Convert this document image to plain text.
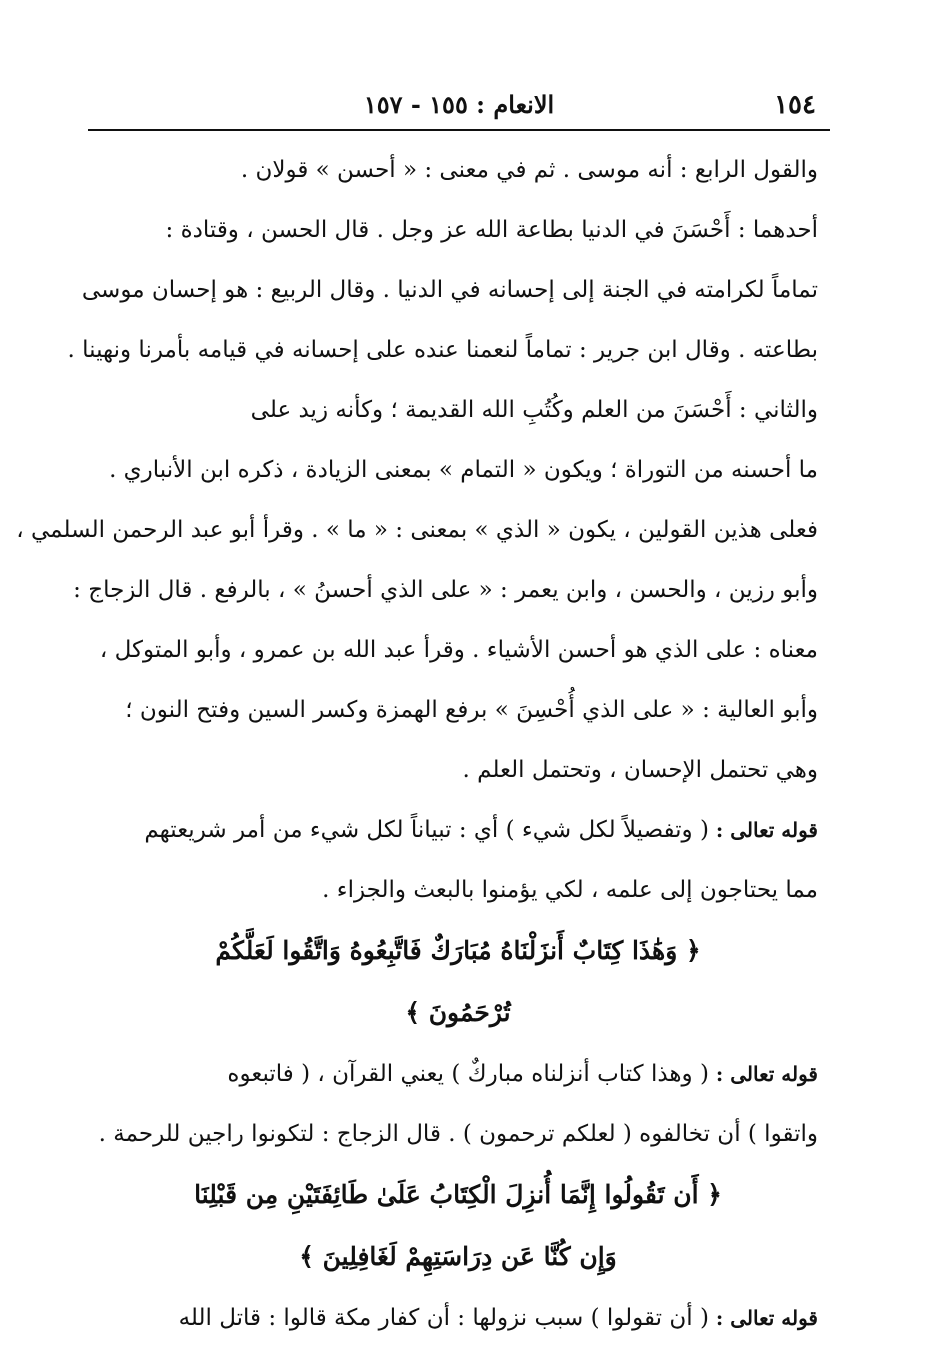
١٥٤
الانعام : ١٥٥ - ١٥٧
والقول الرابع : أنه موسى . ثم في معنى : « أحسن » قولان .
أحدهما : أَحْسَنَ في الدنيا بطاعة الله عز وجل . قال الحسن ، وقتادة :
تماماً لكرامته في الجنة إلى إحسانه في الدنيا . وقال الربيع : هو إحسان موسى
بطاعته . وقال ابن جرير : تماماً لنعمنا عنده على إحسانه في قيامه بأمرنا ونهينا .
والثاني : أَحْسَنَ من العلم وكُتُبِ الله القديمة ؛ وكأنه زيد على
ما أحسنه من التوراة ؛ ويكون « التمام » بمعنى الزيادة ، ذكره ابن الأنباري .
فعلى هذين القولين ، يكون « الذي » بمعنى : « ما » . وقرأ أبو عبد الرحمن السلمي ،
وأبو رزين ، والحسن ، وابن يعمر : « على الذي أحسنُ » ، بالرفع . قال الزجاج :
معناه : على الذي هو أحسن الأشياء . وقرأ عبد الله بن عمرو ، وأبو المتوكل ،
وأبو العالية : « على الذي أُحْسِنَ » برفع الهمزة وكسر السين وفتح النون ؛
وهي تحتمل الإحسان ، وتحتمل العلم .
قوله تعالى : ( وتفصيلاً لكل شيء ) أي : تبياناً لكل شيء من أمر شريعتهم
مما يحتاجون إلى علمه ، لكي يؤمنوا بالبعث والجزاء .
﴿ وَهَٰذَا كِتَابٌ أَنزَلْنَاهُ مُبَارَكٌ فَاتَّبِعُوهُ وَاتَّقُوا لَعَلَّكُمْ
تُرْحَمُونَ ﴾
قوله تعالى : ( وهذا كتاب أنزلناه مباركٌ ) يعني القرآن ، ( فاتبعوه
واتقوا ) أن تخالفوه ( لعلكم ترحمون ) . قال الزجاج : لتكونوا راجين للرحمة .
﴿ أَن تَقُولُوا إِنَّمَا أُنزِلَ الْكِتَابُ عَلَىٰ طَائِفَتَيْنِ مِن قَبْلِنَا
وَإِن كُنَّا عَن دِرَاسَتِهِمْ لَغَافِلِينَ ﴾
قوله تعالى : ( أن تقولوا ) سبب نزولها : أن كفار مكة قالوا : قاتل الله
